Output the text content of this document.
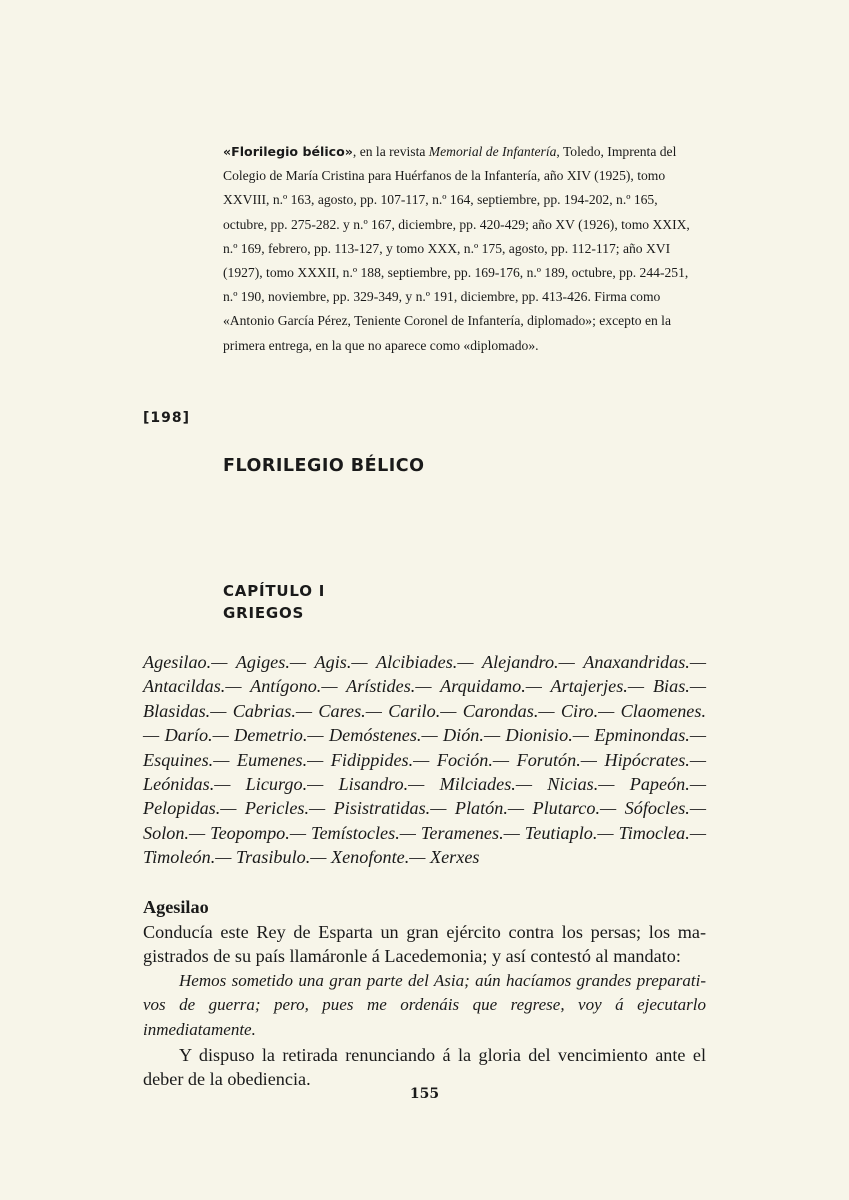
«Florilegio bélico», en la revista Memorial de Infantería, Toledo, Imprenta del Colegio de María Cristina para Huérfanos de la Infantería, año XIV (1925), tomo XXVIII, n.º 163, agosto, pp. 107-117, n.º 164, septiembre, pp. 194-202, n.º 165, octubre, pp. 275-282. y n.º 167, diciembre, pp. 420-429; año XV (1926), tomo XXIX, n.º 169, febrero, pp. 113-127, y tomo XXX, n.º 175, agosto, pp. 112-117; año XVI (1927), tomo XXXII, n.º 188, septiembre, pp. 169-176, n.º 189, octubre, pp. 244-251, n.º 190, noviembre, pp. 329-349, y n.º 191, diciembre, pp. 413-426. Firma como «Antonio García Pérez, Teniente Coronel de Infantería, diplomado»; excepto en la primera entrega, en la que no aparece como «diplomado».

[198]

FLORILEGIO BÉLICO
CAPÍTULO I
GRIEGOS

Agesilao.— Agiges.— Agis.— Alcibiades.— Alejandro.— Anaxandridas.— Antacildas.— Antígono.— Arístides.— Arquidamo.— Artajerjes.— Bias.— Blasidas.— Cabrias.— Cares.— Carilo.— Carondas.— Ciro.— Claomenes.— Darío.— Demetrio.— Demóstenes.— Dión.— Dionisio.— Epminondas.— Esquines.— Eumenes.— Fidippides.— Foción.— Forutón.— Hipócrates.— Leónidas.— Licurgo.— Lisandro.— Milciades.— Nicias.— Papeón.— Pelopidas.— Pericles.— Pisistratidas.— Platón.— Plutarco.— Sófocles.— Solon.— Teopompo.— Temístocles.— Teramenes.— Teutiaplo.— Timoclea.— Timoleón.— Trasibulo.— Xenofonte.— Xerxes

Agesilao

Conducía este Rey de Esparta un gran ejército contra los persas; los magistrados de su país llamáronle á Lacedemonia; y así contestó al mandato:

Hemos sometido una gran parte del Asia; aún hacíamos grandes preparativos de guerra; pero, pues me ordenáis que regrese, voy á ejecutarlo inmediatamente.

Y dispuso la retirada renunciando á la gloria del vencimiento ante el deber de la obediencia.

155
